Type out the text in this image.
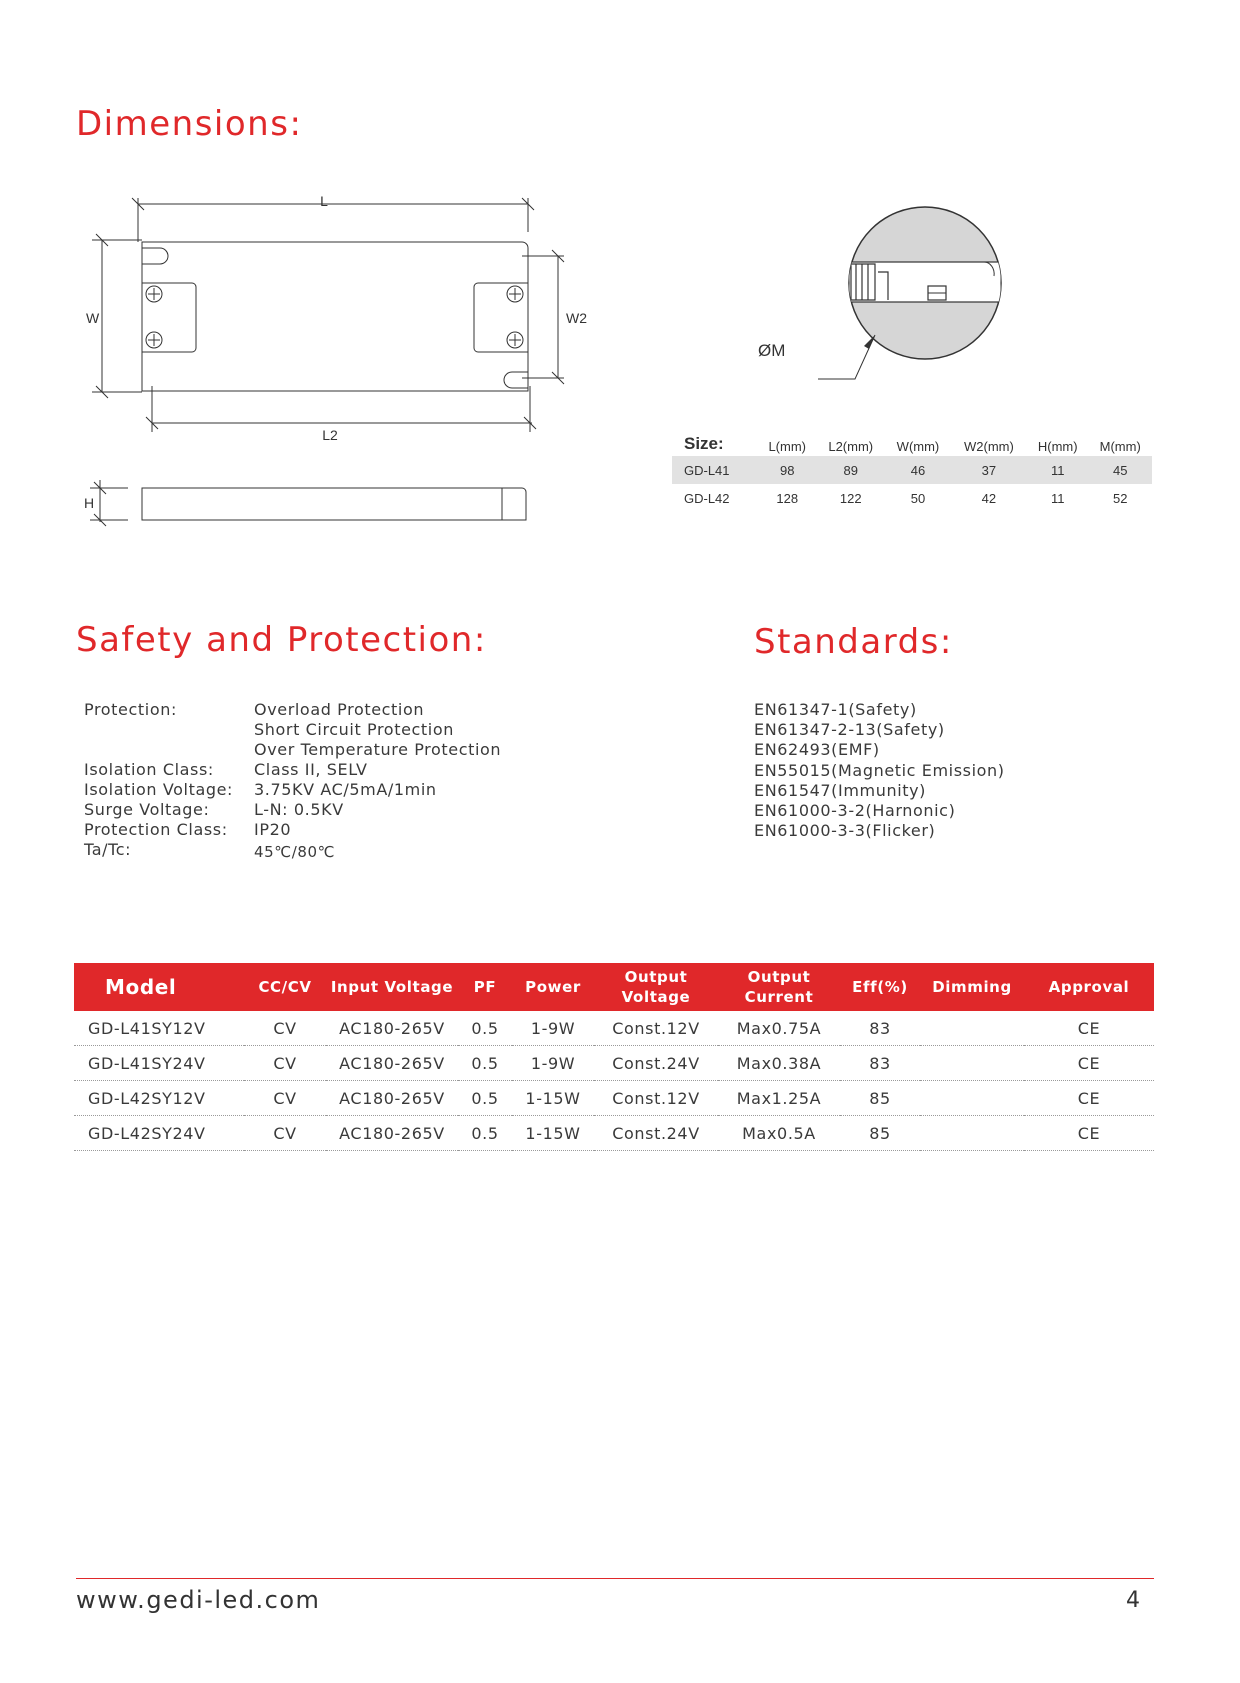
Dimensions:
L
L2
W	W2
H
ØM
Size:	L(mm)	L2(mm)	W(mm)	W2(mm)	H(mm)	M(mm)
GD-L41	98	89	46	37	11	45
GD-L42	128	122	50	42	11	52
Safety and Protection:	Standards:
Protection:	Overload Protection
Short Circuit Protection
Over Temperature Protection
Isolation Class:	Class II, SELV
Isolation Voltage:	3.75KV AC/5mA/1min
Surge Voltage:	L-N: 0.5KV
Protection Class:	IP20
Ta/Tc:	45℃/80℃
EN61347-1(Safety)
EN61347-2-13(Safety)
EN62493(EMF)
EN55015(Magnetic Emission)
EN61547(Immunity)
EN61000-3-2(Harnonic)
EN61000-3-3(Flicker)
Model	CC/CV	Input Voltage	PF	Power	Output Voltage	Output Current	Eff(%)	Dimming	Approval
GD-L41SY12V	CV	AC180-265V	0.5	1-9W	Const.12V	Max0.75A	83		CE
GD-L41SY24V	CV	AC180-265V	0.5	1-9W	Const.24V	Max0.38A	83		CE
GD-L42SY12V	CV	AC180-265V	0.5	1-15W	Const.12V	Max1.25A	85		CE
GD-L42SY24V	CV	AC180-265V	0.5	1-15W	Const.24V	Max0.5A	85		CE
www.gedi-led.com	4
